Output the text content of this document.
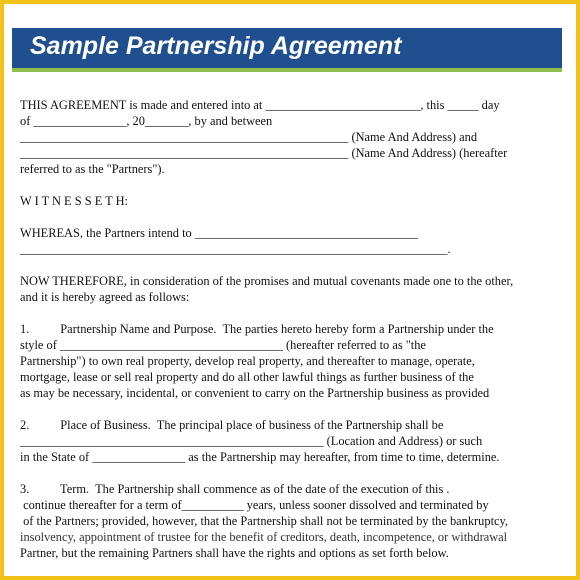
Sample Partnership Agreement
THIS AGREEMENT is made and entered into at _________________________, this _____ day
of _______________, 20_______, by and between
_____________________________________________________ (Name And Address) and
_____________________________________________________ (Name And Address) (hereafter
referred to as the "Partners").
W I T N E S S E T H:
WHEREAS, the Partners intend to ____________________________________
_____________________________________________________________________.
NOW THEREFORE, in consideration of the promises and mutual covenants made one to the other,
and it is hereby agreed as follows:
1.          Partnership Name and Purpose.  The parties hereto hereby form a Partnership under the
style of ____________________________________ (hereafter referred to as "the
Partnership") to own real property, develop real property, and thereafter to manage, operate,
mortgage, lease or sell real property and do all other lawful things as further business of the
as may be necessary, incidental, or convenient to carry on the Partnership business as provided
2.          Place of Business.  The principal place of business of the Partnership shall be
_________________________________________________ (Location and Address) or such
in the State of _______________ as the Partnership may hereafter, from time to time, determine.
3.          Term.  The Partnership shall commence as of the date of the execution of this .
continue thereafter for a term of__________ years, unless sooner dissolved and terminated by
of the Partners; provided, however, that the Partnership shall not be terminated by the bankruptcy,
insolvency, appointment of trustee for the benefit of creditors, death, incompetence, or withdrawal
Partner, but the remaining Partners shall have the rights and options as set forth below.
